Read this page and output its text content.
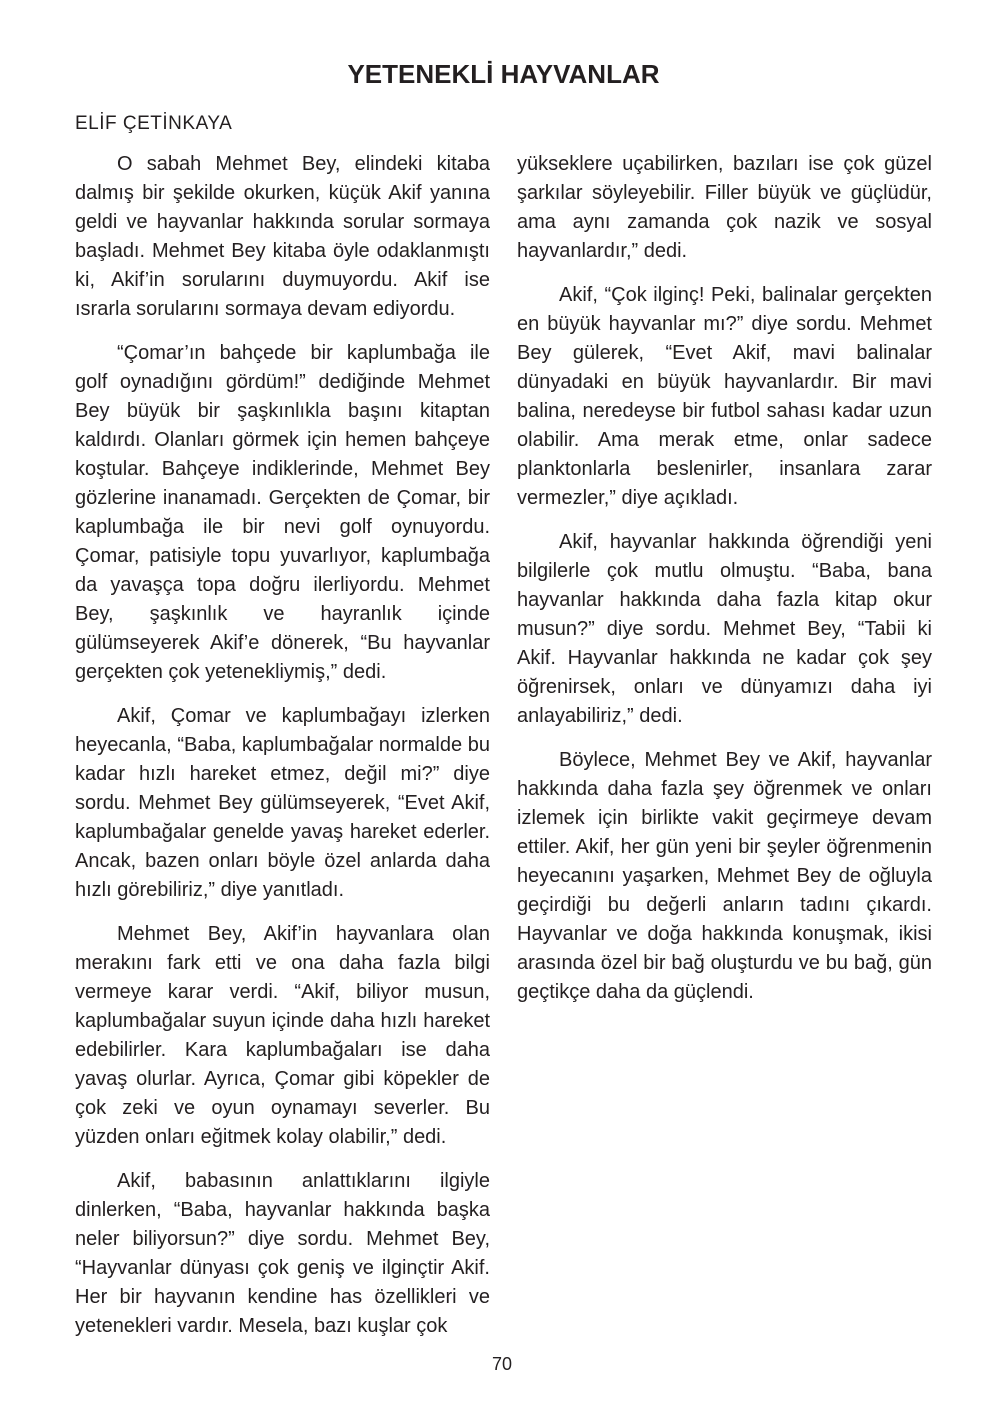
YETENEKLİ HAYVANLAR
ELİF ÇETİNKAYA

O sabah Mehmet Bey, elindeki kitaba dalmış bir şekilde okurken, küçük Akif yanına geldi ve hayvanlar hakkında sorular sormaya başladı. Mehmet Bey kitaba öyle odaklanmıştı ki, Akif’in sorularını duymuyordu. Akif ise ısrarla sorularını sormaya devam ediyordu.

“Çomar’ın bahçede bir kaplumbağa ile golf oynadığını gördüm!” dediğinde Mehmet Bey büyük bir şaşkınlıkla başını kitaptan kaldırdı. Olanları görmek için hemen bahçeye koştular. Bahçeye indiklerinde, Mehmet Bey gözlerine inanamadı. Gerçekten de Çomar, bir kaplumbağa ile bir nevi golf oynuyordu. Çomar, patisiyle topu yuvarlıyor, kaplumbağa da yavaşça topa doğru ilerliyordu. Mehmet Bey, şaşkınlık ve hayranlık içinde gülümseyerek Akif’e dönerek, “Bu hayvanlar gerçekten çok yetenekliymiş,” dedi.

Akif, Çomar ve kaplumbağayı izlerken heyecanla, “Baba, kaplumbağalar normalde bu kadar hızlı hareket etmez, değil mi?” diye sordu. Mehmet Bey gülümseyerek, “Evet Akif, kaplumbağalar genelde yavaş hareket ederler. Ancak, bazen onları böyle özel anlarda daha hızlı görebiliriz,” diye yanıtladı.

Mehmet Bey, Akif’in hayvanlara olan merakını fark etti ve ona daha fazla bilgi vermeye karar verdi. “Akif, biliyor musun, kaplumbağalar suyun içinde daha hızlı hareket edebilirler. Kara kaplumbağaları ise daha yavaş olurlar. Ayrıca, Çomar gibi köpekler de çok zeki ve oyun oynamayı severler. Bu yüzden onları eğitmek kolay olabilir,” dedi.

Akif, babasının anlattıklarını ilgiyle dinlerken, “Baba, hayvanlar hakkında başka neler biliyorsun?” diye sordu. Mehmet Bey, “Hayvanlar dünyası çok geniş ve ilginçtir Akif. Her bir hayvanın kendine has özellikleri ve yetenekleri vardır. Mesela, bazı kuşlar çok

yükseklere uçabilirken, bazıları ise çok güzel şarkılar söyleyebilir. Filler büyük ve güçlüdür, ama aynı zamanda çok nazik ve sosyal hayvanlardır,” dedi.

Akif, “Çok ilginç! Peki, balinalar gerçekten en büyük hayvanlar mı?” diye sordu. Mehmet Bey gülerek, “Evet Akif, mavi balinalar dünyadaki en büyük hayvanlardır. Bir mavi balina, neredeyse bir futbol sahası kadar uzun olabilir. Ama merak etme, onlar sadece planktonlarla beslenirler, insanlara zarar vermezler,” diye açıkladı.

Akif, hayvanlar hakkında öğrendiği yeni bilgilerle çok mutlu olmuştu. “Baba, bana hayvanlar hakkında daha fazla kitap okur musun?” diye sordu. Mehmet Bey, “Tabii ki Akif. Hayvanlar hakkında ne kadar çok şey öğrenirsek, onları ve dünyamızı daha iyi anlayabiliriz,” dedi.

Böylece, Mehmet Bey ve Akif, hayvanlar hakkında daha fazla şey öğrenmek ve onları izlemek için birlikte vakit geçirmeye devam ettiler. Akif, her gün yeni bir şeyler öğrenmenin heyecanını yaşarken, Mehmet Bey de oğluyla geçirdiği bu değerli anların tadını çıkardı. Hayvanlar ve doğa hakkında konuşmak, ikisi arasında özel bir bağ oluşturdu ve bu bağ, gün geçtikçe daha da güçlendi.

70
